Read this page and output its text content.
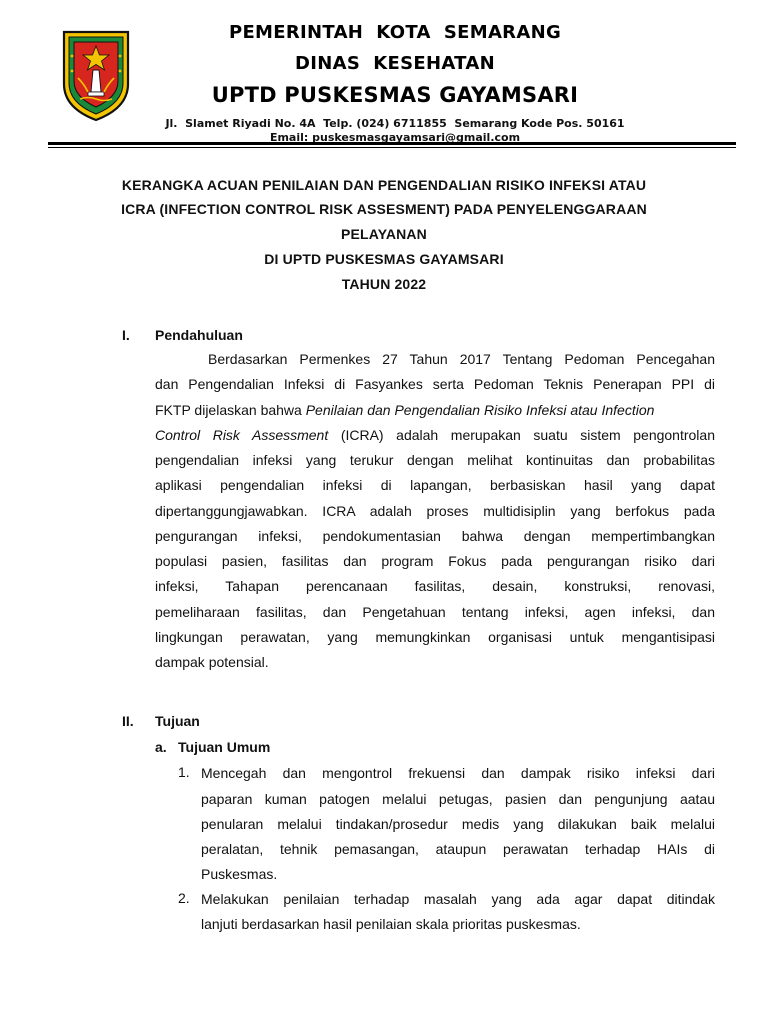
PEMERINTAH  KOTA  SEMARANG
DINAS  KESEHATAN
UPTD PUSKESMAS GAYAMSARI
Jl.  Slamet Riyadi No. 4A  Telp. (024) 6711855  Semarang Kode Pos. 50161
Email: puskesmasgayamsari@gmail.com
KERANGKA ACUAN PENILAIAN DAN PENGENDALIAN RISIKO INFEKSI ATAU
ICRA (INFECTION CONTROL RISK ASSESMENT) PADA PENYELENGGARAAN
PELAYANAN
DI UPTD PUSKESMAS GAYAMSARI
TAHUN 2022
I. Pendahuluan
Berdasarkan Permenkes 27 Tahun 2017 Tentang Pedoman Pencegahan
dan Pengendalian Infeksi di Fasyankes serta Pedoman Teknis Penerapan PPI di
FKTP dijelaskan bahwa Penilaian dan Pengendalian Risiko Infeksi atau Infection
Control Risk Assessment (ICRA) adalah merupakan suatu sistem pengontrolan
pengendalian infeksi yang terukur dengan melihat kontinuitas dan probabilitas
aplikasi pengendalian infeksi di lapangan, berbasiskan hasil yang dapat
dipertanggungjawabkan. ICRA adalah proses multidisiplin yang berfokus pada
pengurangan infeksi, pendokumentasian bahwa dengan mempertimbangkan
populasi pasien, fasilitas dan program Fokus pada pengurangan risiko dari
infeksi, Tahapan perencanaan fasilitas, desain, konstruksi, renovasi,
pemeliharaan fasilitas, dan Pengetahuan tentang infeksi, agen infeksi, dan
lingkungan perawatan, yang memungkinkan organisasi untuk mengantisipasi
dampak potensial.
II. Tujuan
a. Tujuan Umum
1. Mencegah dan mengontrol frekuensi dan dampak risiko infeksi dari
paparan kuman patogen melalui petugas, pasien dan pengunjung aatau
penularan melalui tindakan/prosedur medis yang dilakukan baik melalui
peralatan, tehnik pemasangan, ataupun perawatan terhadap HAIs di
Puskesmas.
2. Melakukan penilaian terhadap masalah yang ada agar dapat ditindak
lanjuti berdasarkan hasil penilaian skala prioritas puskesmas.
